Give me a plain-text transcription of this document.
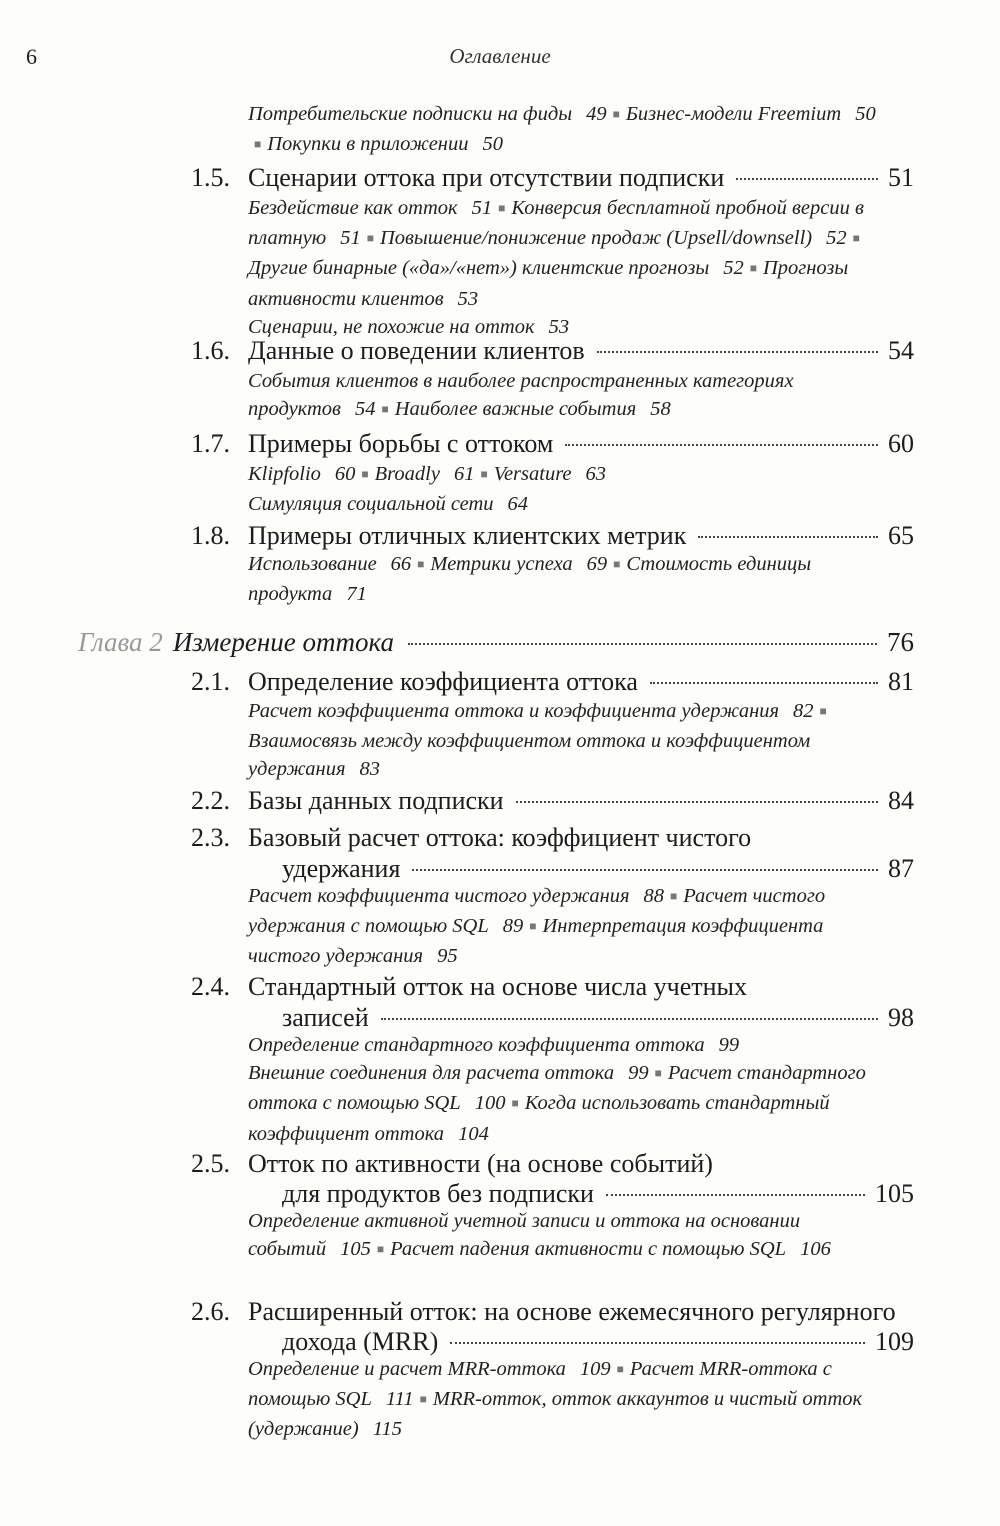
6	Оглавление
Потребительские подписки на фиды 49 ■ Бизнес-модели Freemium 50■ Покупки в приложении 50
1.5. Сценарии оттока при отсутствии подписки	51
Бездействие как отток 51 ■ Конверсия бесплатной пробной версии в платную 51 ■ Повышение/понижение продаж (Upsell/downsell) 52 ■Другие бинарные («да»/«нет») клиентские прогнозы 52 ■ Прогнозы активности клиентов 53
Сценарии, не похожие на отток 53
1.6. Данные о поведении клиентов	54
События клиентов в наиболее распространенных категориях продуктов 54 ■ Наиболее важные события 58
1.7. Примеры борьбы с оттоком	60
Klipfolio 60 ■ Broadly 61 ■ Versature 63
Симуляция социальной сети 64
1.8. Примеры отличных клиентских метрик	65
Использование 66 ■ Метрики успеха 69 ■ Стоимость единицы продукта 71
Глава 2 Измерение оттока	76
2.1. Определение коэффициента оттока	81
Расчет коэффициента оттока и коэффициента удержания 82 ■Взаимосвязь между коэффициентом оттока и коэффициентом удержания 83
2.2. Базы данных подписки	84
2.3. Базовый расчет оттока: коэффициент чистого
удержания	87
Расчет коэффициента чистого удержания 88 ■ Расчет чистого удержания с помощью SQL 89 ■ Интерпретация коэффициента чистого удержания 95
2.4. Стандартный отток на основе числа учетных
записей	98
Определение стандартного коэффициента оттока 99
Внешние соединения для расчета оттока 99 ■ Расчет стандартного оттока с помощью SQL 100 ■ Когда использовать стандартный коэффициент оттока 104
2.5. Отток по активности (на основе событий)
для продуктов без подписки	105
Определение активной учетной записи и оттока на основании событий 105 ■ Расчет падения активности с помощью SQL 106
2.6. Расширенный отток: на основе ежемесячного регулярного
дохода (MRR)	109
Определение и расчет MRR-оттока 109 ■ Расчет MRR-оттока с помощью SQL 111 ■ MRR-отток, отток аккаунтов и чистый отток (удержание) 115
